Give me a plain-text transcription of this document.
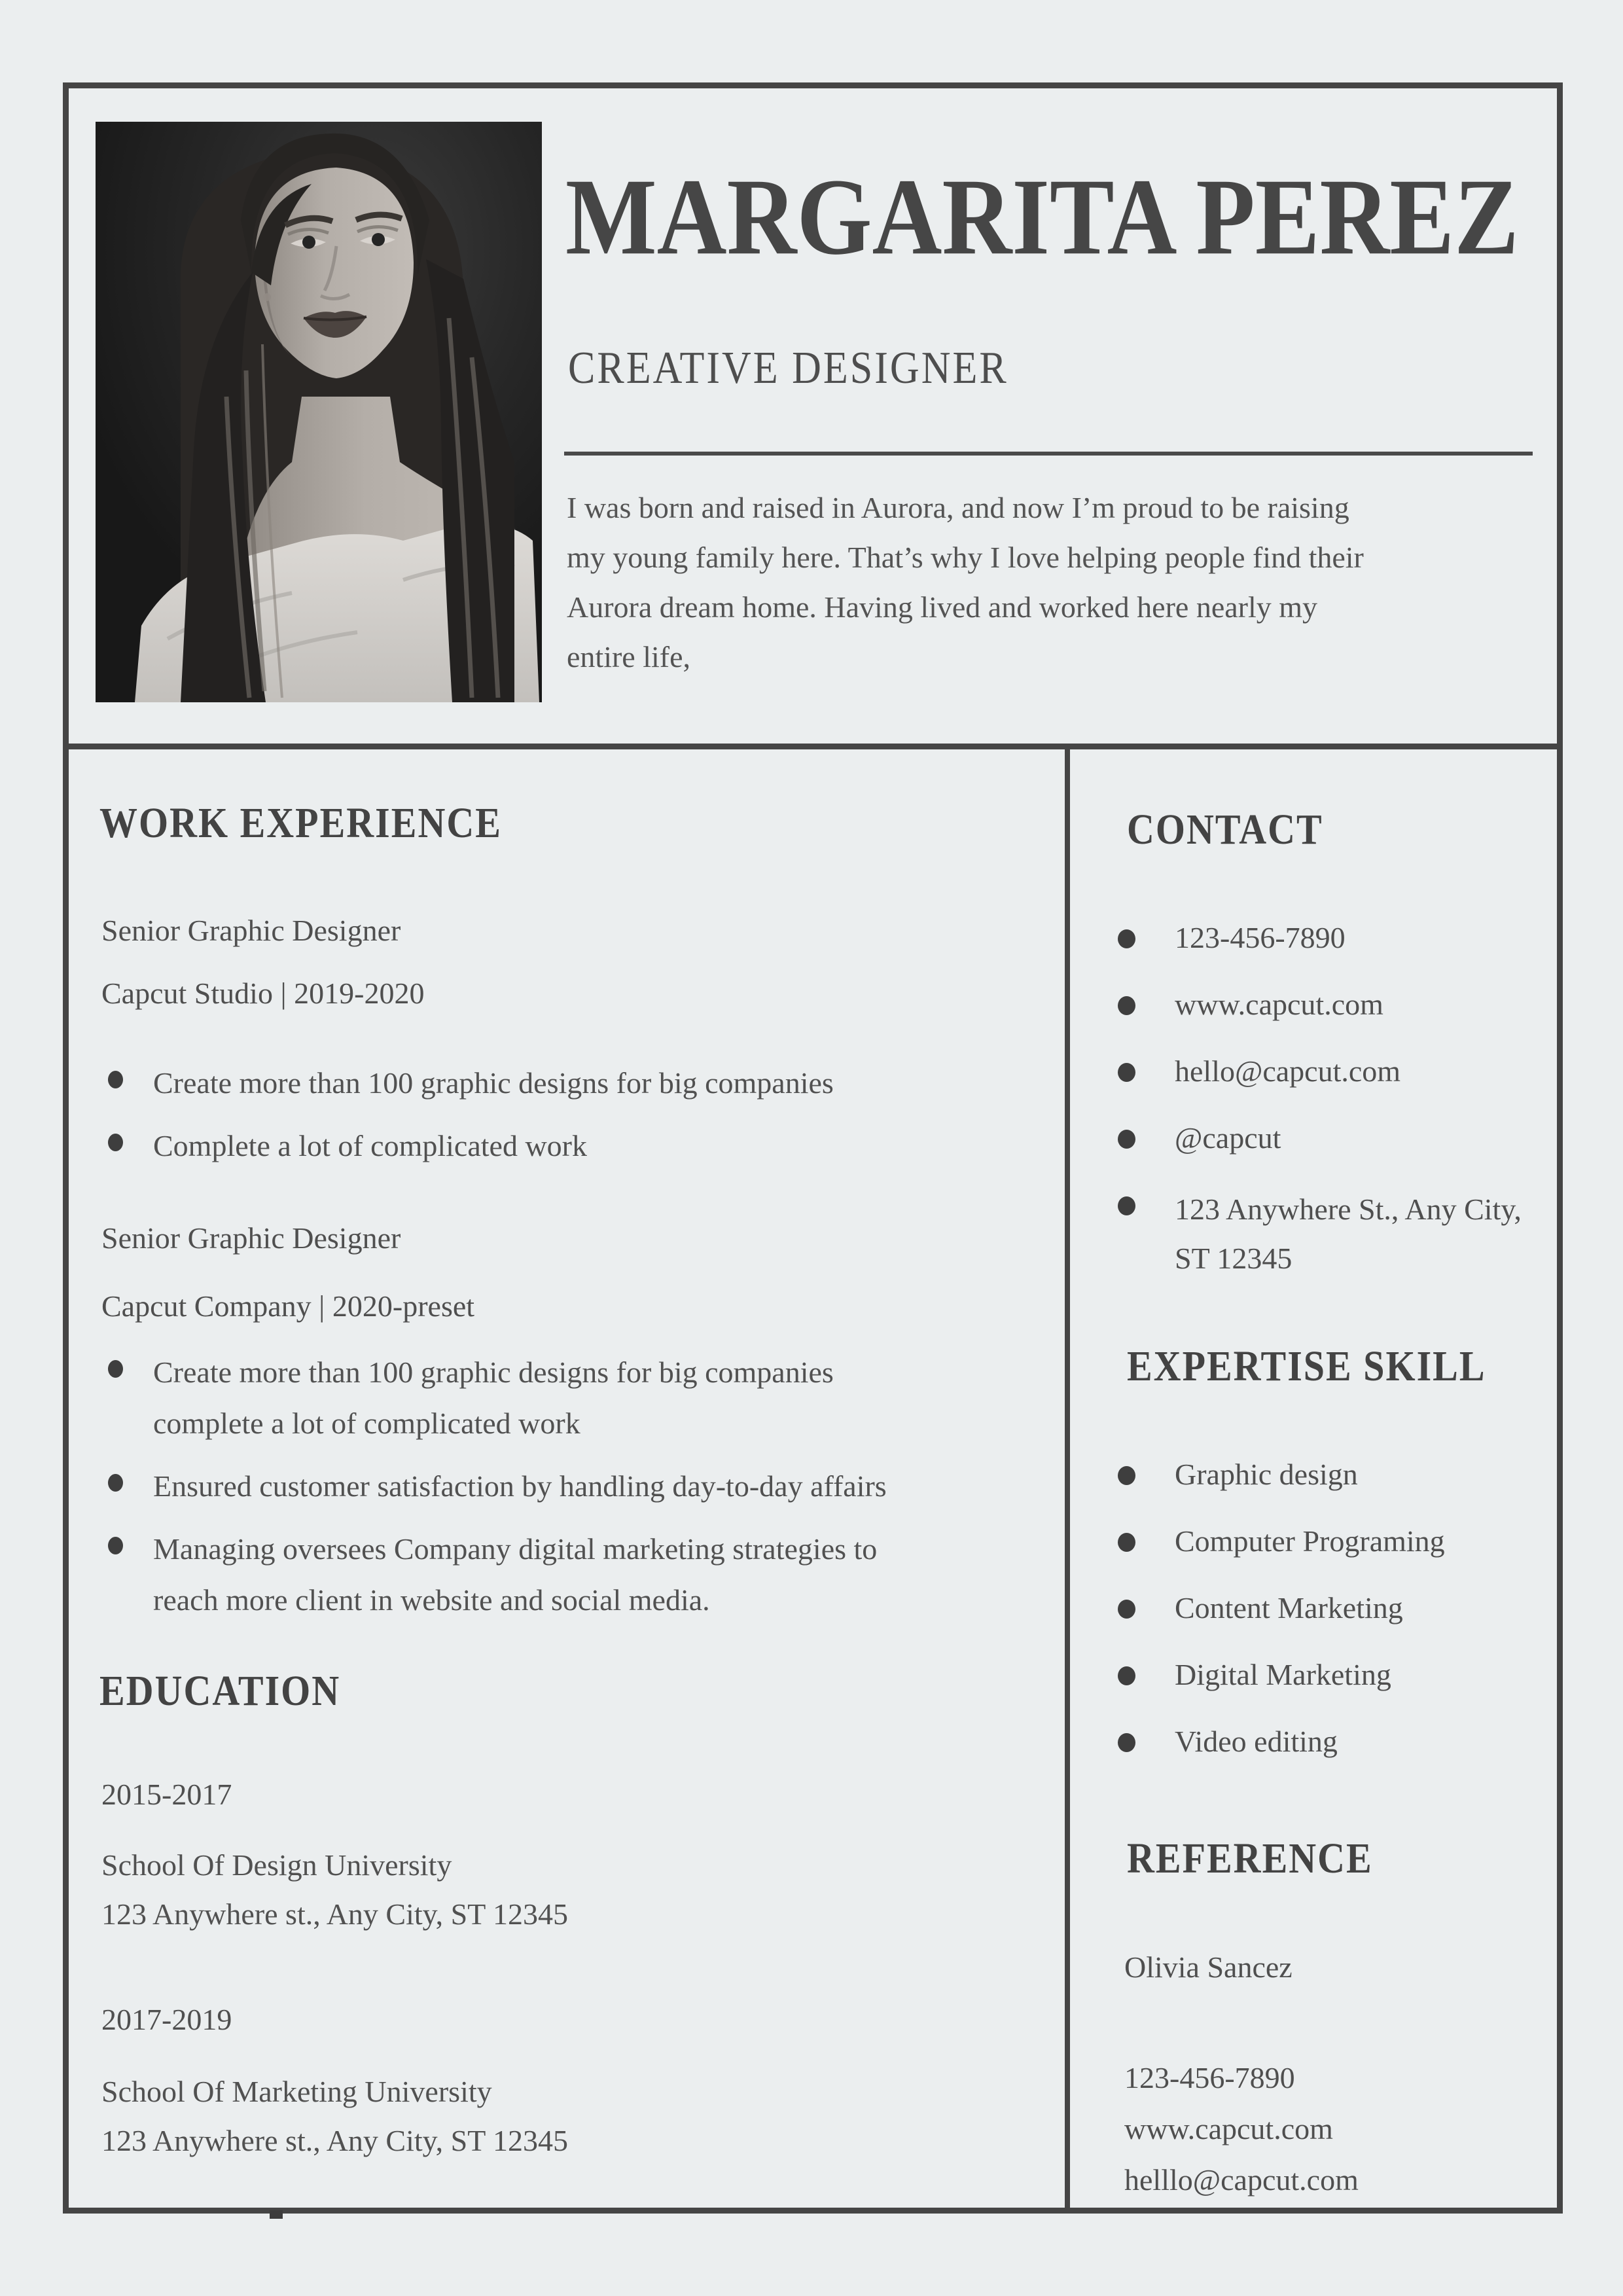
MARGARITA PEREZ
CREATIVE DESIGNER
I was born and raised in Aurora, and now I’m proud to be raising
my young family here. That’s why I love helping people find their
Aurora dream home. Having lived and worked here nearly my
entire life,
WORK EXPERIENCE
Senior Graphic Designer
Capcut Studio | 2019-2020
Create more than 100 graphic designs for big companies
Complete a lot of complicated work
Senior Graphic Designer
Capcut Company | 2020-preset
Create more than 100 graphic designs for big companies complete a lot of complicated work
Ensured customer satisfaction by handling day-to-day affairs
Managing oversees Company digital marketing strategies to reach more client in website and social media.
EDUCATION
2015-2017
School Of Design University
123 Anywhere st., Any City, ST 12345
2017-2019
School Of Marketing University
123 Anywhere st., Any City, ST 12345
CONTACT
123-456-7890
www.capcut.com
hello@capcut.com
@capcut
123 Anywhere St., Any City, ST 12345
EXPERTISE SKILL
Graphic design
Computer Programing
Content Marketing
Digital Marketing
Video editing
REFERENCE
Olivia Sancez
123-456-7890
www.capcut.com
helllo@capcut.com
